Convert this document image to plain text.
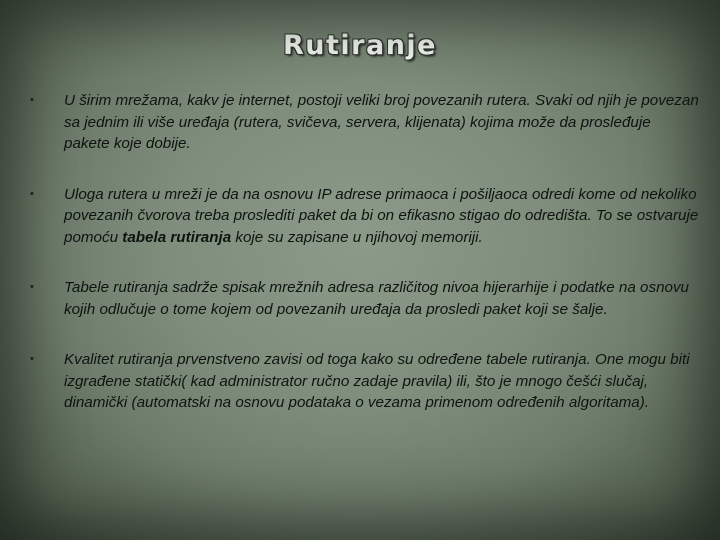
Rutiranje
• U širim mrežama, kakv je internet, postoji veliki broj povezanih rutera. Svaki od njih je povezan sa jednim ili više uređaja (rutera, svičeva, servera, klijenata) kojima može da prosleđuje pakete koje dobije.
• Uloga rutera u mreži je da na osnovu IP adrese primaoca i pošiljaoca odredi kome od nekoliko povezanih čvorova treba proslediti paket da bi on efikasno stigao do odredišta. To se ostvaruje pomoću tabela rutiranja koje su zapisane u njihovoj memoriji.
• Tabele rutiranja sadrže spisak mrežnih adresa različitog nivoa hijerarhije i podatke na osnovu kojih odlučuje o tome kojem od povezanih uređaja da prosledi paket koji se šalje.
• Kvalitet rutiranja prvenstveno zavisi od toga kako su određene tabele rutiranja. One mogu biti izgrađene statički( kad administrator ručno zadaje pravila) ili, što je mnogo češći slučaj, dinamički (automatski na osnovu podataka o vezama primenom određenih algoritama).
